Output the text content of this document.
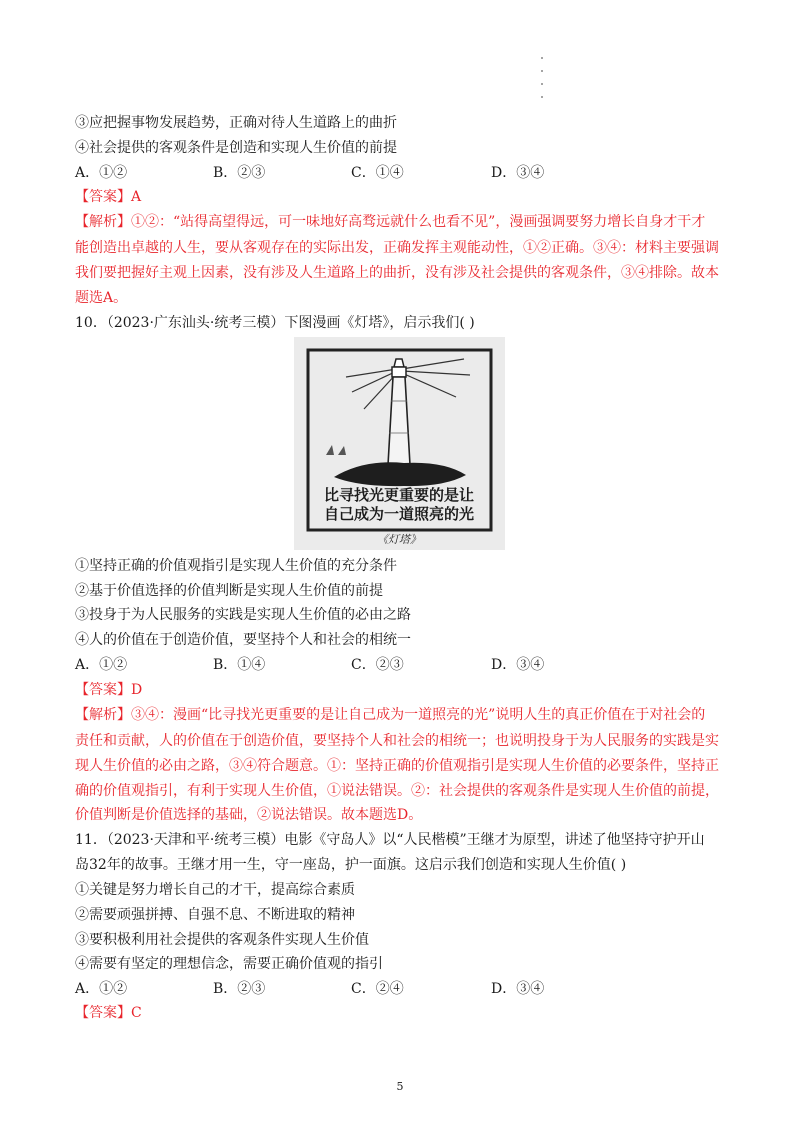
③应把握事物发展趋势，正确对待人生道路上的曲折
④社会提供的客观条件是创造和实现人生价值的前提
A．①②	B．②③	C．①④	D．③④
【答案】A
【解析】①②：“站得高望得远，可一味地好高骛远就什么也看不见”，漫画强调要努力增长自身才干才
能创造出卓越的人生，要从客观存在的实际出发，正确发挥主观能动性，①②正确。③④：材料主要强调
我们要把握好主观上因素，没有涉及人生道路上的曲折，没有涉及社会提供的客观条件，③④排除。故本
题选A。
10．（2023·广东汕头·统考三模）下图漫画《灯塔》，启示我们( )
比寻找光更重要的是让
自己成为一道照亮的光
《灯塔》
①坚持正确的价值观指引是实现人生价值的充分条件
②基于价值选择的价值判断是实现人生价值的前提
③投身于为人民服务的实践是实现人生价值的必由之路
④人的价值在于创造价值，要坚持个人和社会的相统一
A．①②	B．①④	C．②③	D．③④
【答案】D
【解析】③④：漫画“比寻找光更重要的是让自己成为一道照亮的光”说明人生的真正价值在于对社会的
责任和贡献，人的价值在于创造价值，要坚持个人和社会的相统一；也说明投身于为人民服务的实践是实
现人生价值的必由之路，③④符合题意。①：坚持正确的价值观指引是实现人生价值的必要条件，坚持正
确的价值观指引，有利于实现人生价值，①说法错误。②：社会提供的客观条件是实现人生价值的前提，
价值判断是价值选择的基础，②说法错误。故本题选D。
11．（2023·天津和平·统考三模）电影《守岛人》以“人民楷模”王继才为原型，讲述了他坚持守护开山
岛32年的故事。王继才用一生，守一座岛，护一面旗。这启示我们创造和实现人生价值( )
①关键是努力增长自己的才干，提高综合素质
②需要顽强拼搏、自强不息、不断进取的精神
③要积极利用社会提供的客观条件实现人生价值
④需要有坚定的理想信念，需要正确价值观的指引
A．①②	B．②③	C．②④	D．③④
【答案】C
5
